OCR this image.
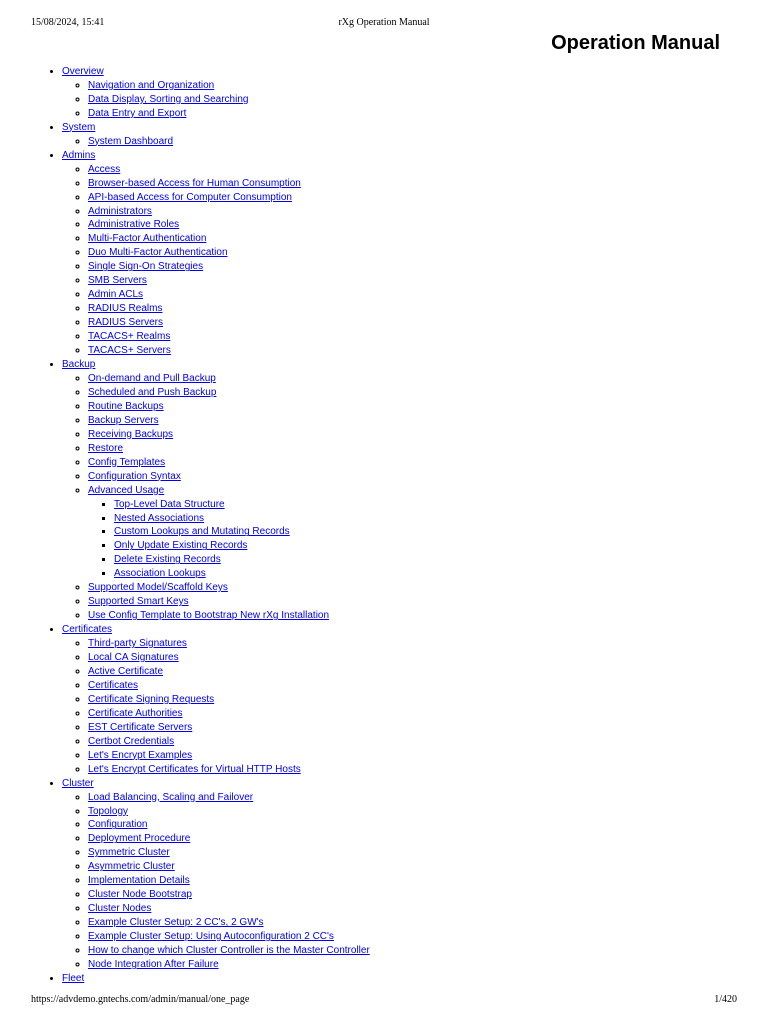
15/08/2024, 15:41	rXg Operation Manual
Operation Manual
• Overview
◦ Navigation and Organization
◦ Data Display, Sorting and Searching
◦ Data Entry and Export
• System
◦ System Dashboard
• Admins
◦ Access
◦ Browser-based Access for Human Consumption
◦ API-based Access for Computer Consumption
◦ Administrators
◦ Administrative Roles
◦ Multi-Factor Authentication
◦ Duo Multi-Factor Authentication
◦ Single Sign-On Strategies
◦ SMB Servers
◦ Admin ACLs
◦ RADIUS Realms
◦ RADIUS Servers
◦ TACACS+ Realms
◦ TACACS+ Servers
• Backup
◦ On-demand and Pull Backup
◦ Scheduled and Push Backup
◦ Routine Backups
◦ Backup Servers
◦ Receiving Backups
◦ Restore
◦ Config Templates
◦ Configuration Syntax
◦ Advanced Usage
▪ Top-Level Data Structure
▪ Nested Associations
▪ Custom Lookups and Mutating Records
▪ Only Update Existing Records
▪ Delete Existing Records
▪ Association Lookups
◦ Supported Model/Scaffold Keys
◦ Supported Smart Keys
◦ Use Config Template to Bootstrap New rXg Installation
• Certificates
◦ Third-party Signatures
◦ Local CA Signatures
◦ Active Certificate
◦ Certificates
◦ Certificate Signing Requests
◦ Certificate Authorities
◦ EST Certificate Servers
◦ Certbot Credentials
◦ Let's Encrypt Examples
◦ Let's Encrypt Certificates for Virtual HTTP Hosts
• Cluster
◦ Load Balancing, Scaling and Failover
◦ Topology
◦ Configuration
◦ Deployment Procedure
◦ Symmetric Cluster
◦ Asymmetric Cluster
◦ Implementation Details
◦ Cluster Node Bootstrap
◦ Cluster Nodes
◦ Example Cluster Setup: 2 CC's, 2 GW's
◦ Example Cluster Setup: Using Autoconfiguration 2 CC's
◦ How to change which Cluster Controller is the Master Controller
◦ Node Integration After Failure
• Fleet
https://advdemo.gntechs.com/admin/manual/one_page	1/420
